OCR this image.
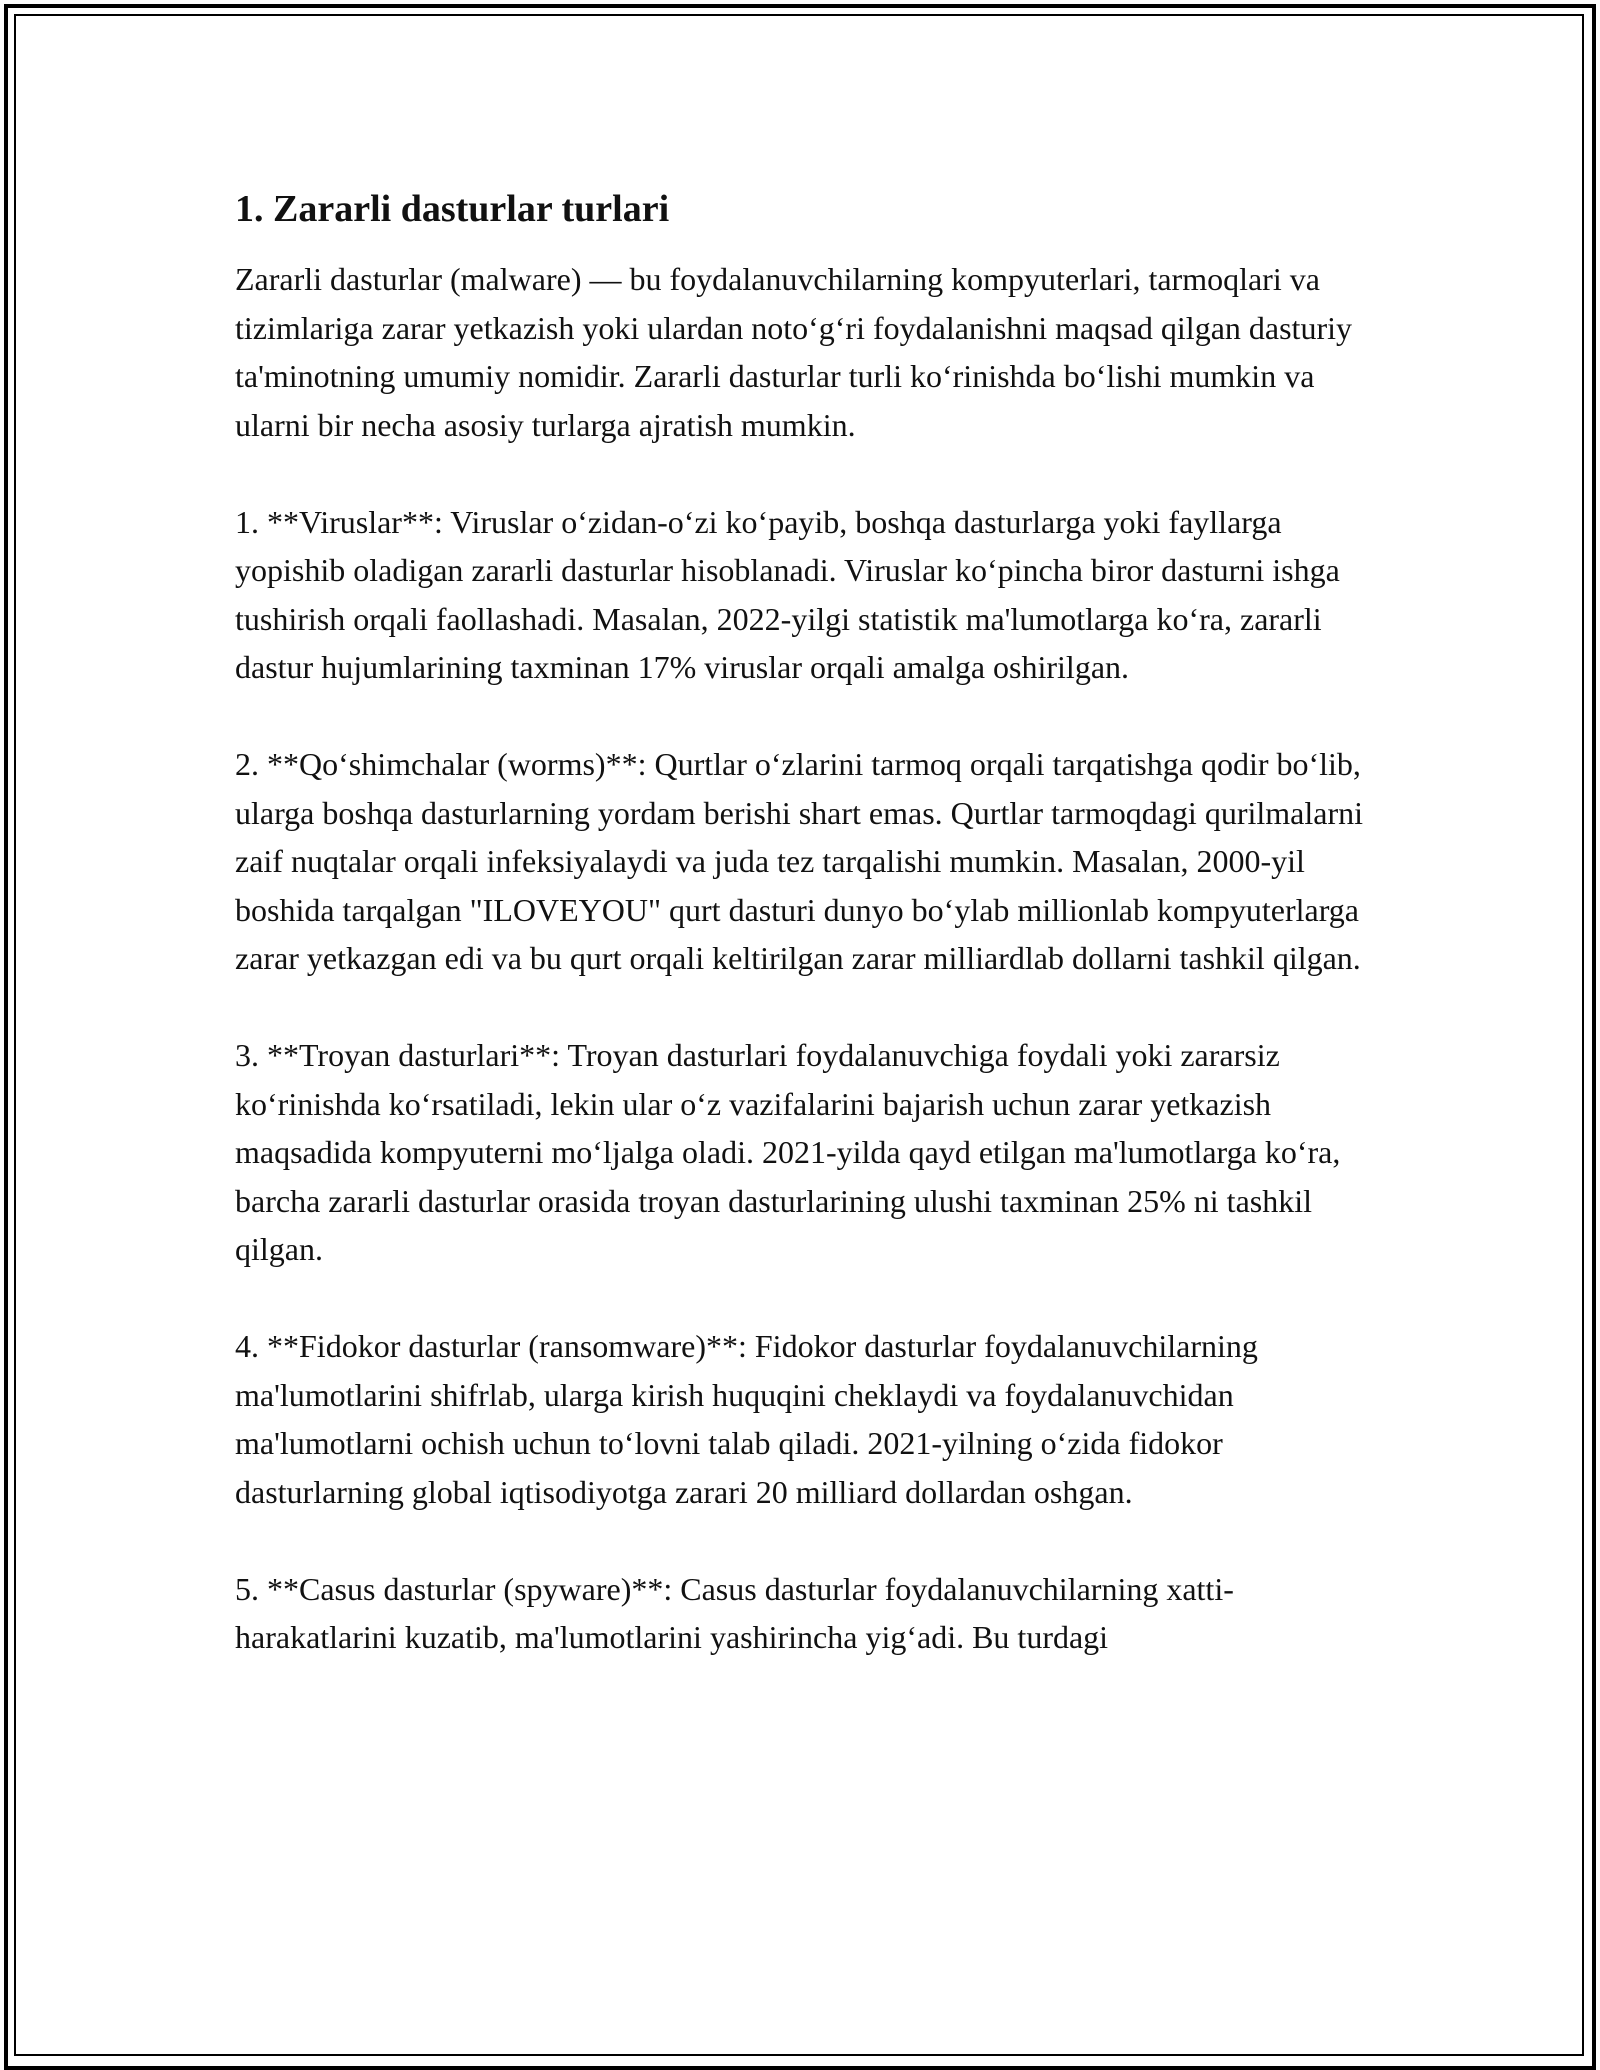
1. Zararli dasturlar turlari

Zararli dasturlar (malware) — bu foydalanuvchilarning kompyuterlari, tarmoqlari va tizimlariga zarar yetkazish yoki ulardan noto‘g‘ri foydalanishni maqsad qilgan dasturiy ta'minotning umumiy nomidir. Zararli dasturlar turli ko‘rinishda bo‘lishi mumkin va ularni bir necha asosiy turlarga ajratish mumkin.

1. **Viruslar**: Viruslar o‘zidan-o‘zi ko‘payib, boshqa dasturlarga yoki fayllarga yopishib oladigan zararli dasturlar hisoblanadi. Viruslar ko‘pincha biror dasturni ishga tushirish orqali faollashadi. Masalan, 2022-yilgi statistik ma'lumotlarga ko‘ra, zararli dastur hujumlarining taxminan 17% viruslar orqali amalga oshirilgan.

2. **Qo‘shimchalar (worms)**: Qurtlar o‘zlarini tarmoq orqali tarqatishga qodir bo‘lib, ularga boshqa dasturlarning yordam berishi shart emas. Qurtlar tarmoqdagi qurilmalarni zaif nuqtalar orqali infeksiyalaydi va juda tez tarqalishi mumkin. Masalan, 2000-yil boshida tarqalgan "ILOVEYOU" qurt dasturi dunyo bo‘ylab millionlab kompyuterlarga zarar yetkazgan edi va bu qurt orqali keltirilgan zarar milliardlab dollarni tashkil qilgan.

3. **Troyan dasturlari**: Troyan dasturlari foydalanuvchiga foydali yoki zararsiz ko‘rinishda ko‘rsatiladi, lekin ular o‘z vazifalarini bajarish uchun zarar yetkazish maqsadida kompyuterni mo‘ljalga oladi. 2021-yilda qayd etilgan ma'lumotlarga ko‘ra, barcha zararli dasturlar orasida troyan dasturlarining ulushi taxminan 25% ni tashkil qilgan.

4. **Fidokor dasturlar (ransomware)**: Fidokor dasturlar foydalanuvchilarning ma'lumotlarini shifrlab, ularga kirish huquqini cheklaydi va foydalanuvchidan ma'lumotlarni ochish uchun to‘lovni talab qiladi. 2021-yilning o‘zida fidokor dasturlarning global iqtisodiyotga zarari 20 milliard dollardan oshgan.

5. **Casus dasturlar (spyware)**: Casus dasturlar foydalanuvchilarning xatti-harakatlarini kuzatib, ma'lumotlarini yashirincha yig‘adi. Bu turdagi
